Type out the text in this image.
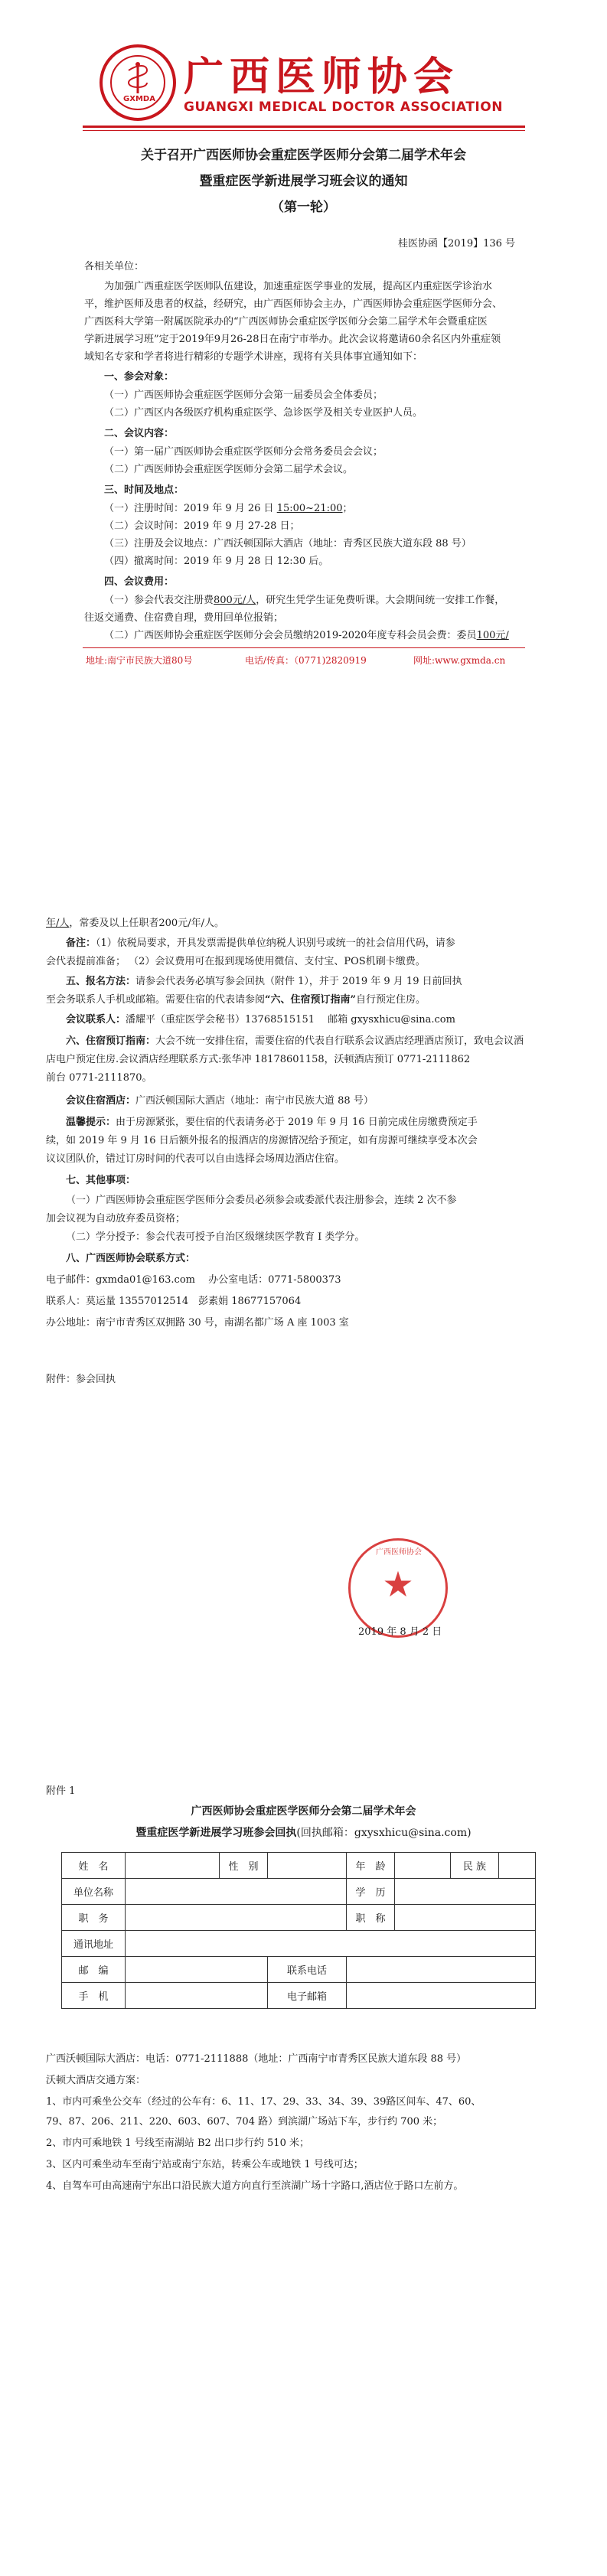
GXMDA 广西医师协会
GUANGXI MEDICAL DOCTOR ASSOCIATION
关于召开广西医师协会重症医学医师分会第二届学术年会
暨重症医学新进展学习班会议的通知
（第一轮）
桂医协函【2019】136 号
各相关单位：
为加强广西重症医学医师队伍建设，加速重症医学事业的发展，提高区内重症医学诊治水
平，维护医师及患者的权益，经研究，由广西医师协会主办，广西医师协会重症医学医师分会、
广西医科大学第一附属医院承办的“广西医师协会重症医学医师分会第二届学术年会暨重症医
学新进展学习班”定于2019年9月26-28日在南宁市举办。此次会议将邀请60余名区内外重症领
域知名专家和学者将进行精彩的专题学术讲座，现将有关具体事宜通知如下：
一、参会对象：
（一）广西医师协会重症医学医师分会第一届委员会全体委员；
（二）广西区内各级医疗机构重症医学、急诊医学及相关专业医护人员。
二、会议内容：
（一）第一届广西医师协会重症医学医师分会常务委员会会议；
（二）广西医师协会重症医学医师分会第二届学术会议。
三、时间及地点：
（一）注册时间：2019 年 9 月 26 日 15:00~21:00；
（二）会议时间：2019 年 9 月 27-28 日；
（三）注册及会议地点：广西沃顿国际大酒店（地址：青秀区民族大道东段 88 号）
（四）撤离时间：2019 年 9 月 28 日 12:30 后。
四、会议费用：
（一）参会代表交注册费800元/人，研究生凭学生证免费听课。大会期间统一安排工作餐，
往返交通费、住宿费自理，费用回单位报销；
（二）广西医师协会重症医学医师分会会员缴纳2019-2020年度专科会员会费：委员100元/
地址:南宁市民族大道80号	电话/传真：（0771)2820919	网址:www.gxmda.cn
年/人，常委及以上任职者200元/年/人。
备注：（1）依税局要求，开具发票需提供单位纳税人识别号或统一的社会信用代码，请参
会代表提前准备； （2）会议费用可在报到现场使用微信、支付宝、POS机刷卡缴费。
五、报名方法：请参会代表务必填写参会回执（附件 1），并于 2019 年 9 月 19 日前回执
至会务联系人手机或邮箱。需要住宿的代表请参阅“六、住宿预订指南”自行预定住房。
会议联系人：潘耀平（重症医学会秘书）13768515151　 邮箱 gxysxhicu@sina.com
六、住宿预订指南：大会不统一安排住宿，需要住宿的代表自行联系会议酒店经理酒店预订，致电会议酒
店电户预定住房.会议酒店经理联系方式:张华冲 18178601158，沃顿酒店预订 0771-2111862
前台 0771-2111870。
会议住宿酒店：广西沃顿国际大酒店（地址：南宁市民族大道 88 号）
温馨提示：由于房源紧张，要住宿的代表请务必于 2019 年 9 月 16 日前完成住房缴费预定手
续，如 2019 年 9 月 16 日后额外报名的报酒店的房源情况给予预定，如有房源可继续享受本次会
议议团队价，错过订房时间的代表可以自由选择会场周边酒店住宿。
七、其他事项：
（一）广西医师协会重症医学医师分会委员必须参会或委派代表注册参会，连续 2 次不参
加会议视为自动放弃委员资格；
（二）学分授予：参会代表可授予自治区级继续医学教育 I 类学分。
八、广西医师协会联系方式：
电子邮件：gxmda01@163.com　 办公室电话：0771-5800373
联系人：莫运量 13557012514　彭素娟 18677157064
办公地址：南宁市青秀区双拥路 30 号，南湖名都广场 A 座 1003 室
附件：参会回执
广西医师协会
★
2019 年 8 月 2 日
附件 1
广西医师协会重症医学医师分会第二届学术年会
暨重症医学新进展学习班参会回执(回执邮箱：gxysxhicu@sina.com)
姓　名		性　别		年　龄		民 族	
单位名称				学　历			
职　务				职　称			
通讯地址							
邮　编			联系电话				
手　机			电子邮箱				
广西沃顿国际大酒店：电话：0771-2111888（地址：广西南宁市青秀区民族大道东段 88 号）
沃顿大酒店交通方案：
1、市内可乘坐公交车（经过的公车有：6、11、17、29、33、34、39、39路区间车、47、60、
79、87、206、211、220、603、607、704 路）到滨湖广场站下车，步行约 700 米；
2、市内可乘地铁 1 号线至南湖站 B2 出口步行约 510 米；
3、区内可乘坐动车至南宁站或南宁东站，转乘公车或地铁 1 号线可达；
4、自驾车可由高速南宁东出口沿民族大道方向直行至滨湖广场十字路口,酒店位于路口左前方。
